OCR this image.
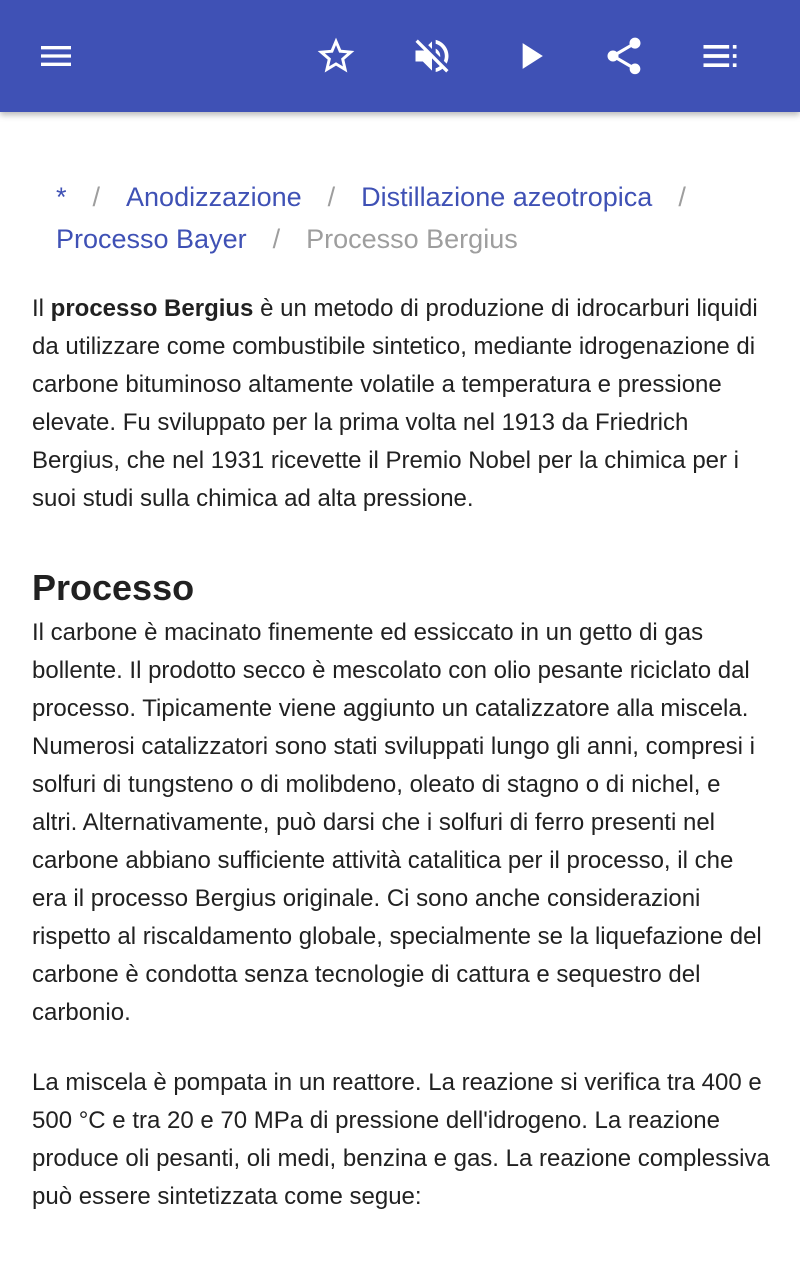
* / Anodizzazione / Distillazione azeotropica /
Processo Bayer / Processo Bergius

Il processo Bergius è un metodo di produzione di idrocarburi liquidi da utilizzare come combustibile sintetico, mediante idrogenazione di carbone bituminoso altamente volatile a temperatura e pressione elevate. Fu sviluppato per la prima volta nel 1913 da Friedrich Bergius, che nel 1931 ricevette il Premio Nobel per la chimica per i suoi studi sulla chimica ad alta pressione.

Processo

Il carbone è macinato finemente ed essiccato in un getto di gas bollente. Il prodotto secco è mescolato con olio pesante riciclato dal processo. Tipicamente viene aggiunto un catalizzatore alla miscela. Numerosi catalizzatori sono stati sviluppati lungo gli anni, compresi i solfuri di tungsteno o di molibdeno, oleato di stagno o di nichel, e altri. Alternativamente, può darsi che i solfuri di ferro presenti nel carbone abbiano sufficiente attività catalitica per il processo, il che era il processo Bergius originale. Ci sono anche considerazioni rispetto al riscaldamento globale, specialmente se la liquefazione del carbone è condotta senza tecnologie di cattura e sequestro del carbonio.

La miscela è pompata in un reattore. La reazione si verifica tra 400 e 500 °C e tra 20 e 70 MPa di pressione dell'idrogeno. La reazione produce oli pesanti, oli medi, benzina e gas. La reazione complessiva può essere sintetizzata come segue:
